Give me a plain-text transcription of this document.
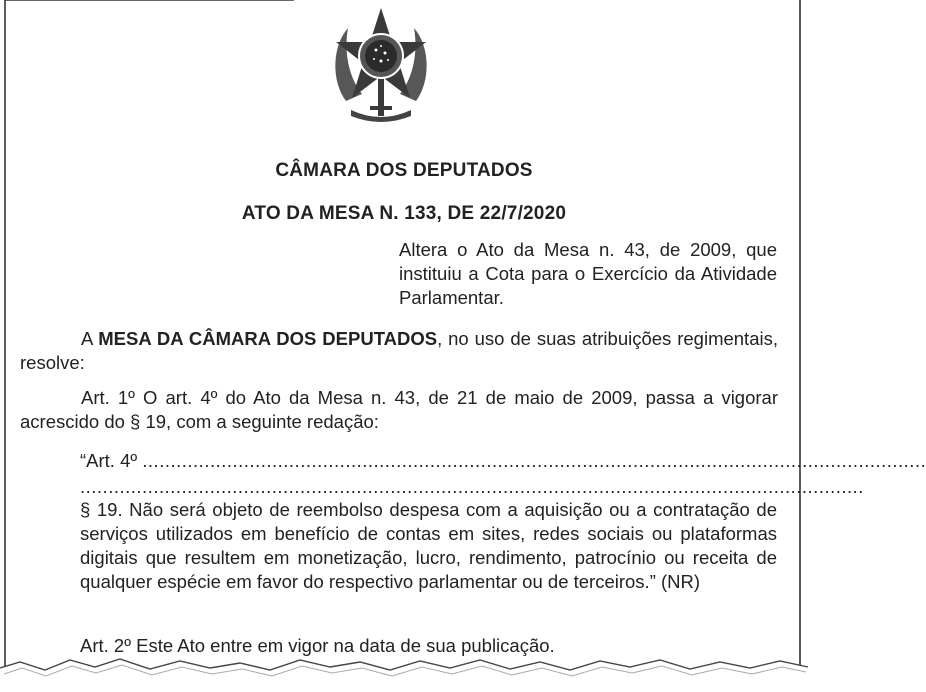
CÂMARA DOS DEPUTADOS
ATO DA MESA N. 133, DE 22/7/2020
Altera o Ato da Mesa n. 43, de 2009, que instituiu a Cota para o Exercício da Atividade Parlamentar.
A MESA DA CÂMARA DOS DEPUTADOS, no uso de suas atribuições regimentais, resolve:
Art. 1º O art. 4º do Ato da Mesa n. 43, de 21 de maio de 2009, passa a vigorar acrescido do § 19, com a seguinte redação:
“Art. 4º ...........................................................................................................................................
...........................................................................................................................................
§ 19. Não será objeto de reembolso despesa com a aquisição ou a contratação de serviços utilizados em benefício de contas em sites, redes sociais ou plataformas digitais que resultem em monetização, lucro, rendimento, patrocínio ou receita de qualquer espécie em favor do respectivo parlamentar ou de terceiros.” (NR)
Art. 2º Este Ato entre em vigor na data de sua publicação.
